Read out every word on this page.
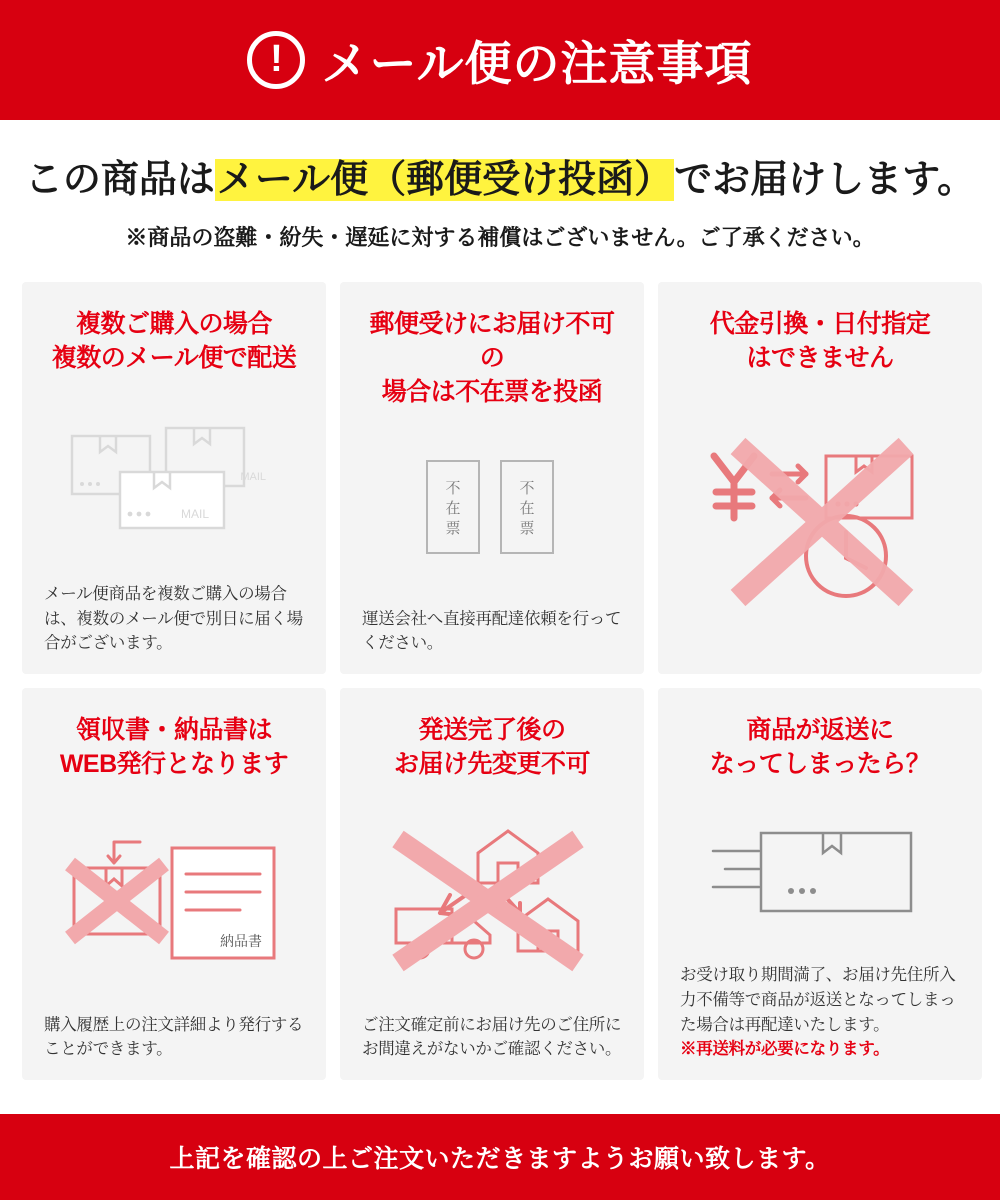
! メール便の注意事項
この商品はメール便（郵便受け投函）でお届けします。
※商品の盗難・紛失・遅延に対する補償はございません。ご了承ください。
複数ご購入の場合
複数のメール便で配送
MAIL
MAIL
メール便商品を複数ご購入の場合は、複数のメール便で別日に届く場合がございます。
郵便受けにお届け不可の
場合は不在票を投函
不
在
票
不
在
票
運送会社へ直接再配達依頼を行ってください。
代金引換・日付指定
はできません
領収書・納品書は
WEB発行となります
納品書
購入履歴上の注文詳細より発行することができます。
発送完了後の
お届け先変更不可
ご注文確定前にお届け先のご住所にお間違えがないかご確認ください。
商品が返送に
なってしまったら？
お受け取り期間満了、お届け先住所入力不備等で商品が返送となってしまった場合は再配達いたします。
※再送料が必要になります。
上記を確認の上ご注文いただきますようお願い致します。
